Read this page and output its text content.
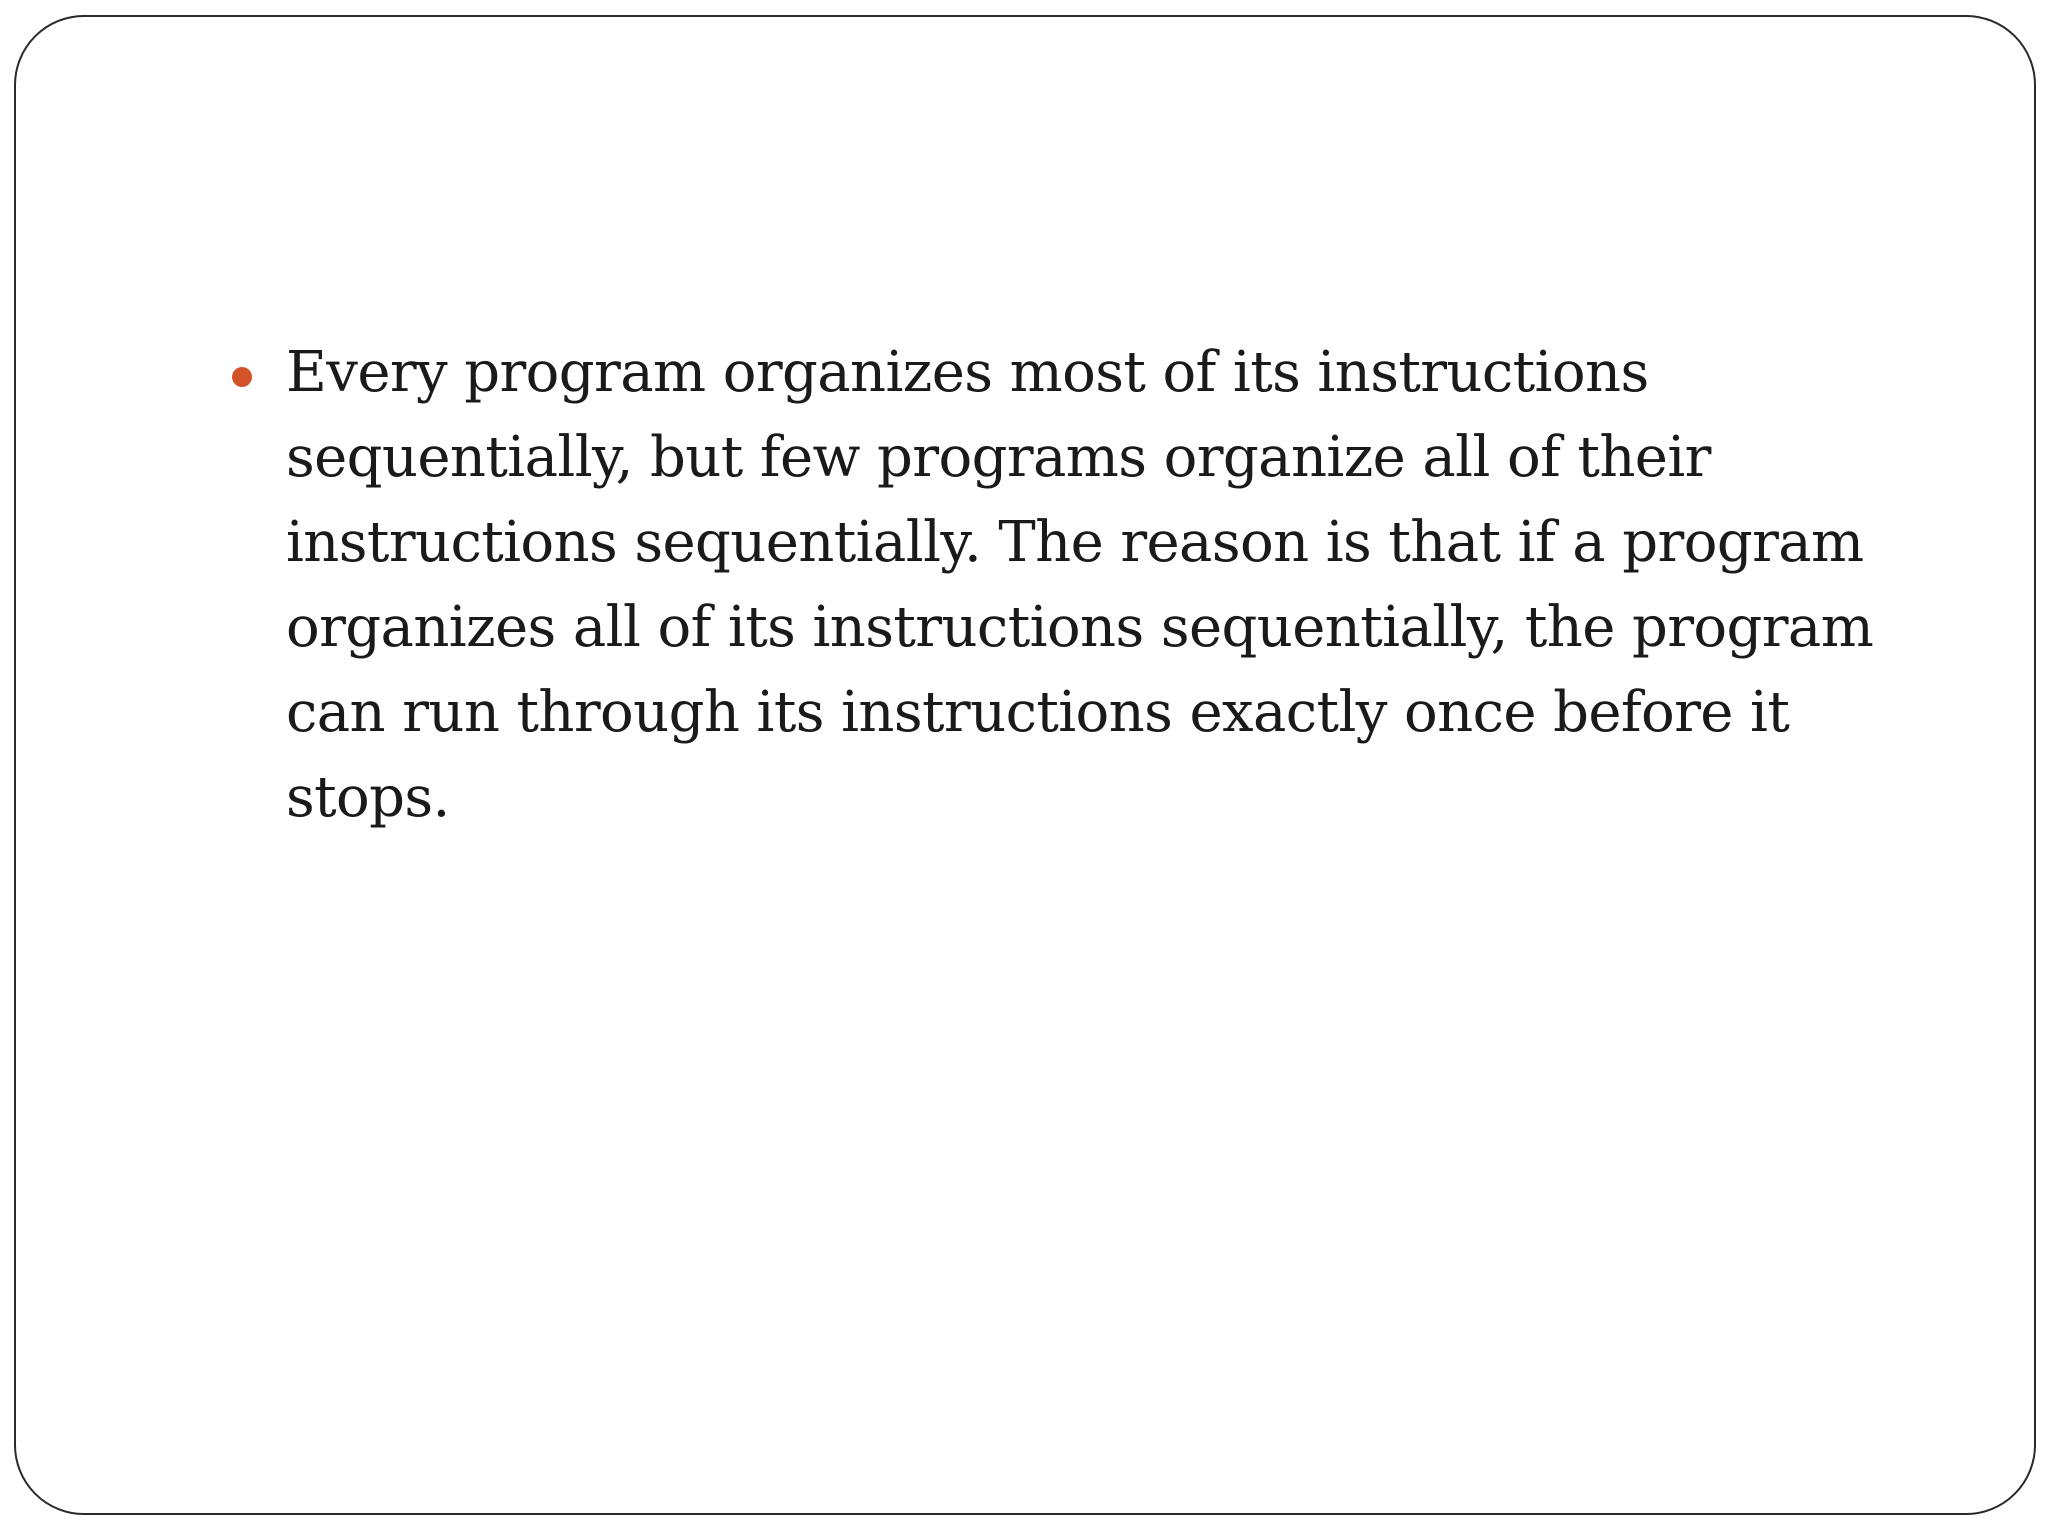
Every program organizes most of its instructions sequentially, but few programs organize all of their instructions sequentially. The reason is that if a program organizes all of its instructions sequentially, the program can run through its instructions exactly once before it stops.
